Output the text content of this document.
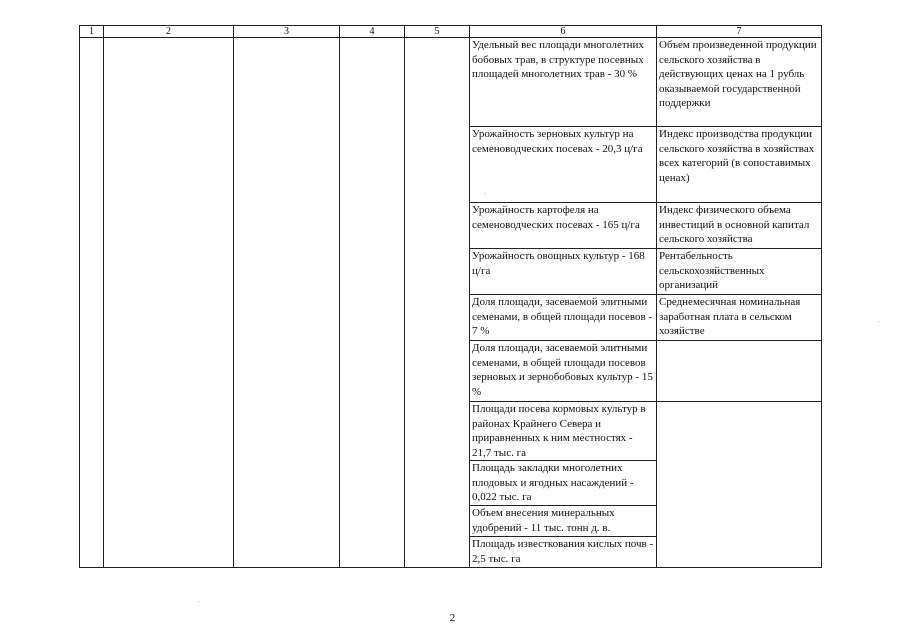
1	2	3	4	5	6	7
					Удельный вес площади многолетних бобовых трав, в структуре посевных площадей многолетних трав - 30 %	Объем произведенной продукции сельского хозяйства в действующих ценах на 1 рубль оказываемой государственной поддержки
					Урожайность зерновых культур на семеноводческих посевах - 20,3 ц/га	Индекс производства продукции сельского хозяйства в хозяйствах всех категорий (в сопоставимых ценах)
					Урожайность картофеля на семеноводческих посевах - 165 ц/га	Индекс физического объема инвестиций в основной капитал сельского хозяйства
					Урожайность овощных культур - 168 ц/га	Рентабельность сельскохозяйственных организаций
					Доля площади, засеваемой элитными семенами, в общей площади посевов - 7 %	Среднемесячная номинальная заработная плата в сельском хозяйстве
					Доля площади, засеваемой элитными семенами, в общей площади посевов зерновых и зернобобовых культур - 15 %	
					Площади посева кормовых культур в районах Крайнего Севера и приравненных к ним местностях - 21,7 тыс. га	
					Площадь закладки многолетних плодовых и ягодных насаждений - 0,022 тыс. га	
					Объем внесения минеральных удобрений - 11 тыс. тонн д. в.	
					Площадь известкования кислых почв - 2,5 тыс. га	
2
·
·
·
